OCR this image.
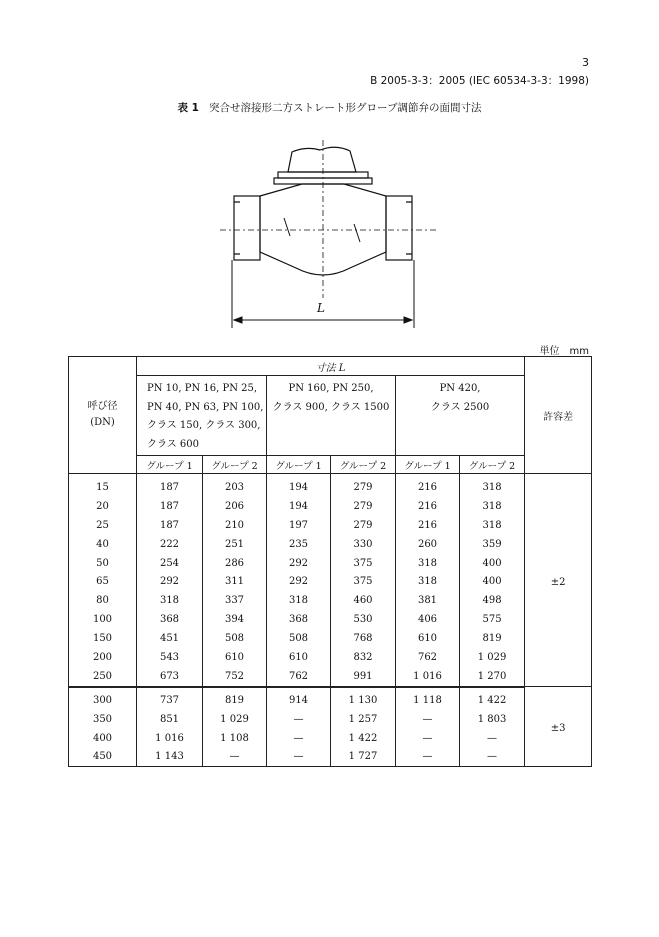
3
B 2005-3-3：2005 (IEC 60534-3-3：1998)
表 1 突合せ溶接形二方ストレート形グローブ調節弁の面間寸法
L
単位　mm
呼び径
(DN)	寸法 L						許容差
	PN 10, PN 16, PN 25,
PN 40, PN 63, PN 100,
クラス 150, クラス 300,
クラス 600		PN 160, PN 250,
クラス 900, クラス 1500		PN 420,
クラス 2500		
	グループ 1	グループ 2	グループ 1	グループ 2	グループ 1	グループ 2	
15	187	203	194	279	216	318	±2
20	187	206	194	279	216	318	
25	187	210	197	279	216	318	
40	222	251	235	330	260	359	
50	254	286	292	375	318	400	
65	292	311	292	375	318	400	
80	318	337	318	460	381	498	
100	368	394	368	530	406	575	
150	451	508	508	768	610	819	
200	543	610	610	832	762	1 029	
250	673	752	762	991	1 016	1 270	
300	737	819	914	1 130	1 118	1 422	±3
350	851	1 029	—	1 257	—	1 803	
400	1 016	1 108	—	1 422	—	—	
450	1 143	—	—	1 727	—	—	
